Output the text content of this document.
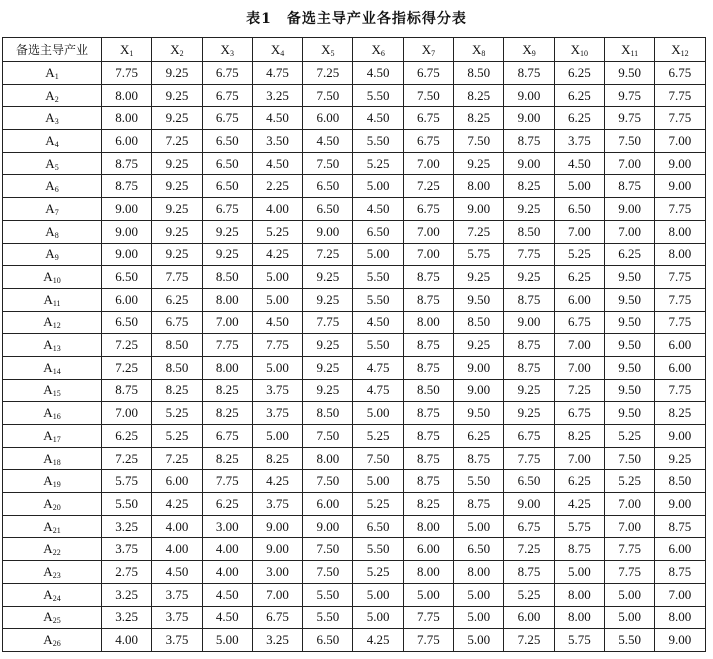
表1　备选主导产业各指标得分表
备选主导产业	$X_1$	$X_2$	$X_3$	$X_4$	$X_5$	$X_6$	$X_7$	$X_8$	$X_9$	$X_{10}$	$X_{11}$	$X_{12}$
$A_1$	7.75	9.25	6.75	4.75	7.25	4.50	6.75	8.50	8.75	6.25	9.50	6.75
$A_2$	8.00	9.25	6.75	3.25	7.50	5.50	7.50	8.25	9.00	6.25	9.75	7.75
$A_3$	8.00	9.25	6.75	4.50	6.00	4.50	6.75	8.25	9.00	6.25	9.75	7.75
$A_4$	6.00	7.25	6.50	3.50	4.50	5.50	6.75	7.50	8.75	3.75	7.50	7.00
$A_5$	8.75	9.25	6.50	4.50	7.50	5.25	7.00	9.25	9.00	4.50	7.00	9.00
$A_6$	8.75	9.25	6.50	2.25	6.50	5.00	7.25	8.00	8.25	5.00	8.75	9.00
$A_7$	9.00	9.25	6.75	4.00	6.50	4.50	6.75	9.00	9.25	6.50	9.00	7.75
$A_8$	9.00	9.25	9.25	5.25	9.00	6.50	7.00	7.25	8.50	7.00	7.00	8.00
$A_9$	9.00	9.25	9.25	4.25	7.25	5.00	7.00	5.75	7.75	5.25	6.25	8.00
$A_{10}$	6.50	7.75	8.50	5.00	9.25	5.50	8.75	9.25	9.25	6.25	9.50	7.75
$A_{11}$	6.00	6.25	8.00	5.00	9.25	5.50	8.75	9.50	8.75	6.00	9.50	7.75
$A_{12}$	6.50	6.75	7.00	4.50	7.75	4.50	8.00	8.50	9.00	6.75	9.50	7.75
$A_{13}$	7.25	8.50	7.75	7.75	9.25	5.50	8.75	9.25	8.75	7.00	9.50	6.00
$A_{14}$	7.25	8.50	8.00	5.00	9.25	4.75	8.75	9.00	8.75	7.00	9.50	6.00
$A_{15}$	8.75	8.25	8.25	3.75	9.25	4.75	8.50	9.00	9.25	7.25	9.50	7.75
$A_{16}$	7.00	5.25	8.25	3.75	8.50	5.00	8.75	9.50	9.25	6.75	9.50	8.25
$A_{17}$	6.25	5.25	6.75	5.00	7.50	5.25	8.75	6.25	6.75	8.25	5.25	9.00
$A_{18}$	7.25	7.25	8.25	8.25	8.00	7.50	8.75	8.75	7.75	7.00	7.50	9.25
$A_{19}$	5.75	6.00	7.75	4.25	7.50	5.00	8.75	5.50	6.50	6.25	5.25	8.50
$A_{20}$	5.50	4.25	6.25	3.75	6.00	5.25	8.25	8.75	9.00	4.25	7.00	9.00
$A_{21}$	3.25	4.00	3.00	9.00	9.00	6.50	8.00	5.00	6.75	5.75	7.00	8.75
$A_{22}$	3.75	4.00	4.00	9.00	7.50	5.50	6.00	6.50	7.25	8.75	7.75	6.00
$A_{23}$	2.75	4.50	4.00	3.00	7.50	5.25	8.00	8.00	8.75	5.00	7.75	8.75
$A_{24}$	3.25	3.75	4.50	7.00	5.50	5.00	5.00	5.00	5.25	8.00	5.00	7.00
$A_{25}$	3.25	3.75	4.50	6.75	5.50	5.00	7.75	5.00	6.00	8.00	5.00	8.00
$A_{26}$	4.00	3.75	5.00	3.25	6.50	4.25	7.75	5.00	7.25	5.75	5.50	9.00
